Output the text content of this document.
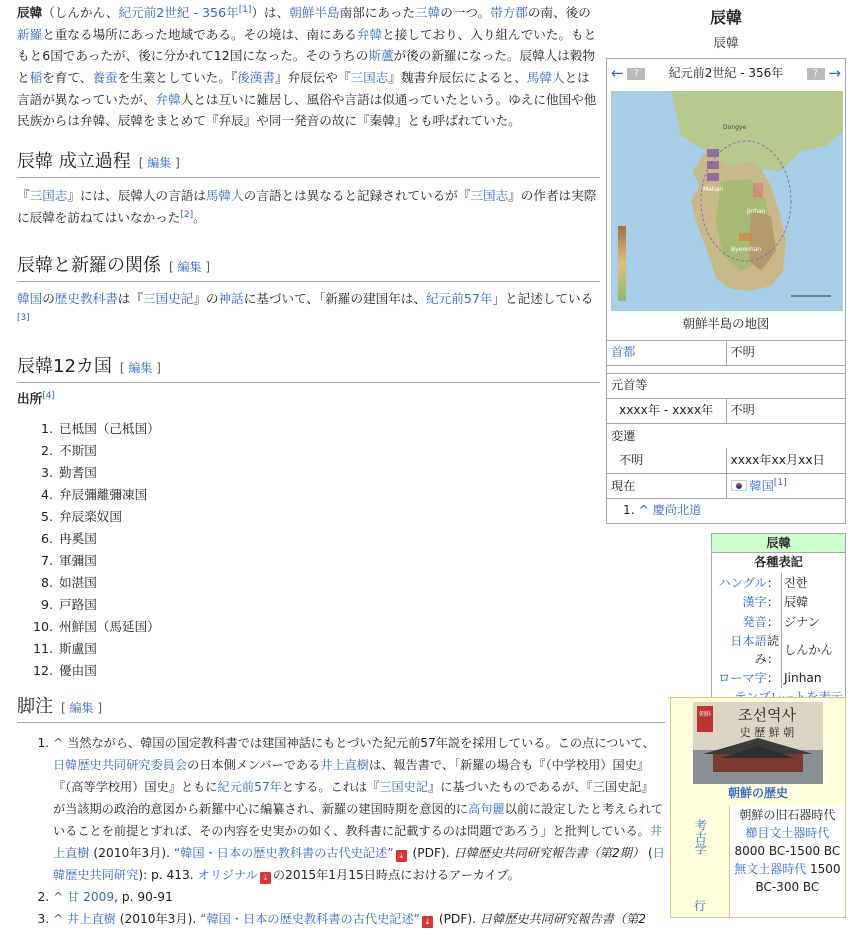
辰韓（しんかん、紀元前2世紀 - 356年[1]）は、朝鮮半島南部にあった三韓の一つ。帯方郡の南、後の新羅と重なる場所にあった地域である。その境は、南にある弁韓と接しており、入り組んでいた。もともと6国であったが、後に分かれて12国になった。そのうちの斯蘆が後の新羅になった。辰韓人は穀物と稲を育て、養蚕を生業としていた。『後漢書』弁辰伝や『三国志』魏書弁辰伝によると、馬韓人とは言語が異なっていたが、弁韓人とは互いに雑居し、風俗や言語は似通っていたという。ゆえに他国や他民族からは弁韓、辰韓をまとめて『弁辰』や同一発音の故に『秦韓』とも呼ばれていた。

辰韓 成立過程 [ 編集 ]

『三国志』には、辰韓人の言語は馬韓人の言語とは異なると記録されているが『三国志』の作者は実際に辰韓を訪ねてはいなかった[2]。

辰韓と新羅の関係 [ 編集 ]

韓国の歴史教科書は『三国史記』の神話に基づいて、「新羅の建国年は、紀元前57年」と記述している[3]

辰韓12カ国 [ 編集 ]
出所[4]
1. 已柢国（己柢国）
2. 不斯国
3. 勤耆国
4. 弁辰彌離彌凍国
5. 弁辰楽奴国
6. 冉奚国
7. 軍彌国
8. 如湛国
9. 戸路国
10. 州鮮国（馬延国）
11. 斯盧国
12. 優由国
脚注 [ 編集 ]
1. ^ 当然ながら、韓国の国定教科書では建国神話にもとづいた紀元前57年説を採用している。この点について、日韓歴史共同研究委員会の日本側メンバーである井上直樹は、報告書で、「新羅の場合も『（中学校用）国史』『（高等学校用）国史』ともに紀元前57年とする。これは『三国史記』に基づいたものであるが、『三国史記』が当該期の政治的意図から新羅中心に編纂され、新羅の建国時期を意図的に高句麗以前に設定したと考えられていることを前提とすれば、その内容を史実かの如く、教科書に記載するのは問題であろう」と批判している。井上直樹 (2010年3月). “韓国・日本の歴史教科書の古代史記述” ⤓ (PDF). 日韓歴史共同研究報告書（第2期） (日韓歴史共同研究): p. 413. オリジナル ⤓ の2015年1月15日時点におけるアーカイブ。
2. ^ 甘 2009, p. 90-91
3. ^ 井上直樹 (2010年3月). “韓国・日本の歴史教科書の古代史記述” ⤓ (PDF). 日韓歴史共同研究報告書（第2
辰韓
辰韓
← ?	紀元前2世紀 - 356年	? →
Dongye
Mahan
Jinhan
Byeonhan
朝鮮半島の地図
首都	不明

元首等	
xxxx年 - xxxx年	不明
変遷	
不明	xxxx年xx月xx日
現在	韓国[1]
1. ^ 慶尚北道
辰韓
各種表記
ハングル：	진한
漢字：	辰韓
発音：	ジナン
日本語読み：	しんかん
ローマ字：	Jinhan
朝鮮 조선역사
史 歷 鮮 朝
朝鮮の歴史
考古学	朝鮮の旧石器時代
櫛目文土器時代 8000 BC-1500 BC
無文土器時代 1500 BC-300 BC

行	
